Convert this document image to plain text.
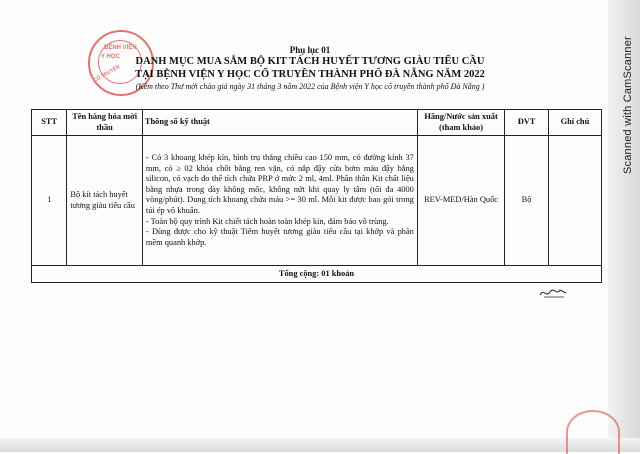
Scanned with CamScanner
BỆNH VIỆN
Y HỌC
CỔ TRUYỀN
Phụ lục 01
DANH MỤC MUA SẮM BỘ KIT TÁCH HUYẾT TƯƠNG GIÀU TIỂU CẦU
TẠI BỆNH VIỆN Y HỌC CỔ TRUYỀN THÀNH PHỐ ĐÀ NẴNG NĂM 2022
(Kèm theo Thư mời chào giá ngày 31 tháng 3 năm 2022 của Bệnh viện Y học cổ truyền thành phố Đà Nẵng )
STT	Tên hàng hóa mời thầu	Thông số kỹ thuật	Hãng/Nước sản xuất (tham khảo)	ĐVT	Ghi chú
1	Bộ kít tách huyết tương giàu tiểu cầu	- Có 3 khoang khép kín, hình trụ thẳng chiều cao 150 mm, có đường kính 37 mm, có ≥ 02 khóa chốt bằng ren vặn, có nắp đậy cửa bơm máu đậy bằng silicon, có vạch đo thể tích chứa PRP ở mức 2 ml, 4ml. Phần thân Kit chất liệu bằng nhựa trong dày không mốc, không nứt khi quay ly tâm (tối đa 4000 vòng/phút). Dung tích khoang chứa máu >= 30 ml. Mỗi kit được bao gói trong túi ép vô khuẩn.
- Toàn bộ quy trình Kit chiết tách hoàn toàn khép kín, đảm bảo vô trùng.
- Dùng được cho kỹ thuật Tiêm huyết tương giàu tiểu cầu tại khớp và phần mềm quanh khớp.	REV-MED/Hàn Quốc	Bộ	
Tổng cộng: 01 khoản					
